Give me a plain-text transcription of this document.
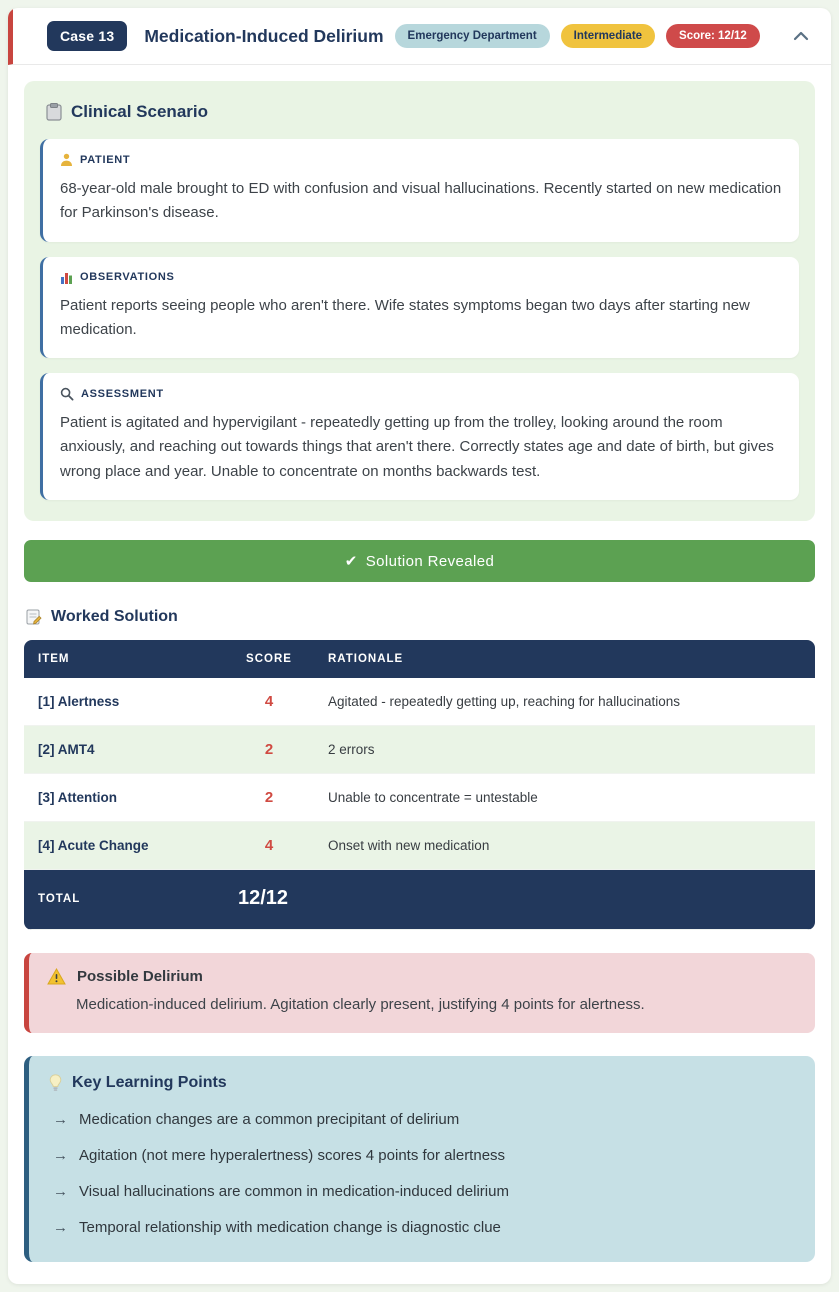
Case 13	Medication-Induced Delirium	Emergency Department	Intermediate	Score: 12/12
Clinical Scenario
PATIENT
68-year-old male brought to ED with confusion and visual hallucinations. Recently started on new medication for Parkinson's disease.
OBSERVATIONS
Patient reports seeing people who aren't there. Wife states symptoms began two days after starting new medication.
ASSESSMENT
Patient is agitated and hypervigilant - repeatedly getting up from the trolley, looking around the room anxiously, and reaching out towards things that aren't there. Correctly states age and date of birth, but gives wrong place and year. Unable to concentrate on months backwards test.
✔ Solution Revealed
Worked Solution
ITEM	SCORE	RATIONALE
[1] Alertness	4	Agitated - repeatedly getting up, reaching for hallucinations
[2] AMT4	2	2 errors
[3] Attention	2	Unable to concentrate = untestable
[4] Acute Change	4	Onset with new medication
TOTAL	12/12	
Possible Delirium
Medication-induced delirium. Agitation clearly present, justifying 4 points for alertness.
Key Learning Points
→ Medication changes are a common precipitant of delirium
→ Agitation (not mere hyperalertness) scores 4 points for alertness
→ Visual hallucinations are common in medication-induced delirium
→ Temporal relationship with medication change is diagnostic clue
